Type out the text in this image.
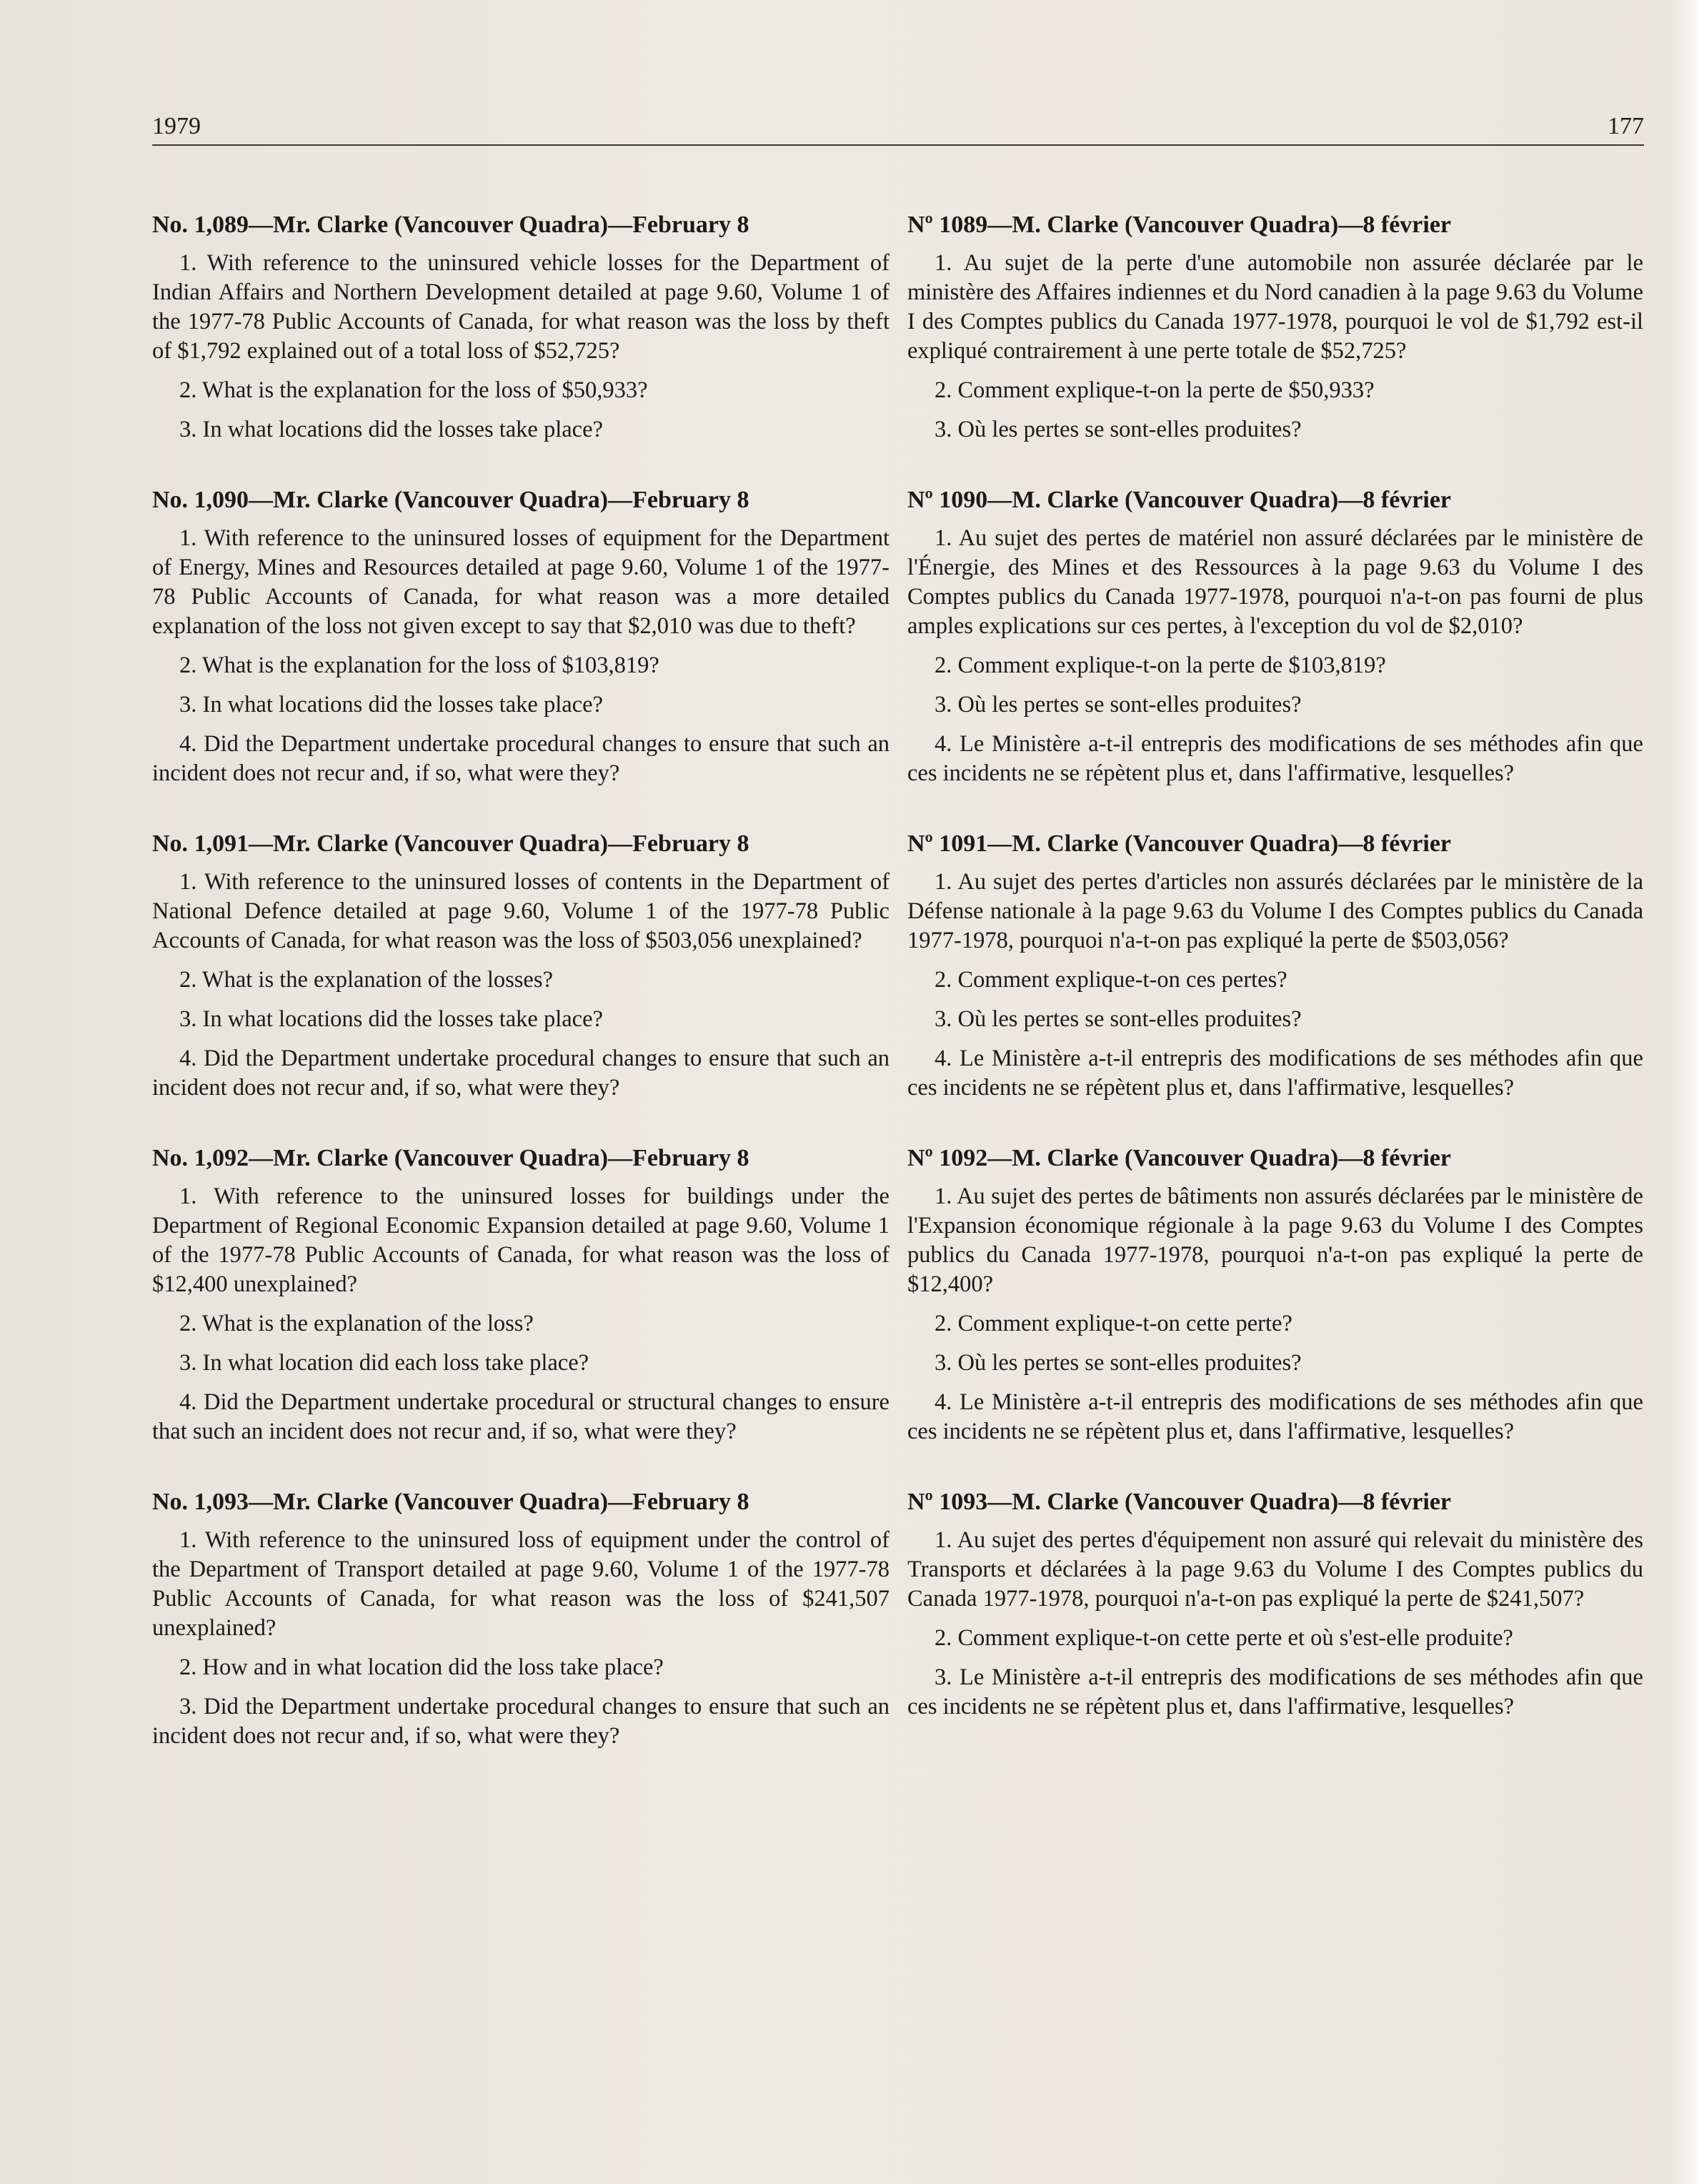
1979	177
No. 1,089—Mr. Clarke (Vancouver Quadra)—February 8

1. With reference to the uninsured vehicle losses for the Department of Indian Affairs and Northern Development detailed at page 9.60, Volume 1 of the 1977-78 Public Accounts of Canada, for what reason was the loss by theft of $1,792 explained out of a total loss of $52,725?

2. What is the explanation for the loss of $50,933?

3. In what locations did the losses take place?

No. 1,090—Mr. Clarke (Vancouver Quadra)—February 8

1. With reference to the uninsured losses of equipment for the Department of Energy, Mines and Resources detailed at page 9.60, Volume 1 of the 1977-78 Public Accounts of Canada, for what reason was a more detailed explanation of the loss not given except to say that $2,010 was due to theft?

2. What is the explanation for the loss of $103,819?

3. In what locations did the losses take place?

4. Did the Department undertake procedural changes to ensure that such an incident does not recur and, if so, what were they?

No. 1,091—Mr. Clarke (Vancouver Quadra)—February 8

1. With reference to the uninsured losses of contents in the Department of National Defence detailed at page 9.60, Volume 1 of the 1977-78 Public Accounts of Canada, for what reason was the loss of $503,056 unexplained?

2. What is the explanation of the losses?

3. In what locations did the losses take place?

4. Did the Department undertake procedural changes to ensure that such an incident does not recur and, if so, what were they?

No. 1,092—Mr. Clarke (Vancouver Quadra)—February 8

1. With reference to the uninsured losses for buildings under the Department of Regional Economic Expansion detailed at page 9.60, Volume 1 of the 1977-78 Public Accounts of Canada, for what reason was the loss of $12,400 unexplained?

2. What is the explanation of the loss?

3. In what location did each loss take place?

4. Did the Department undertake procedural or structural changes to ensure that such an incident does not recur and, if so, what were they?

No. 1,093—Mr. Clarke (Vancouver Quadra)—February 8

1. With reference to the uninsured loss of equipment under the control of the Department of Transport detailed at page 9.60, Volume 1 of the 1977-78 Public Accounts of Canada, for what reason was the loss of $241,507 unexplained?

2. How and in what location did the loss take place?

3. Did the Department undertake procedural changes to ensure that such an incident does not recur and, if so, what were they?

Nº 1089—M. Clarke (Vancouver Quadra)—8 février

1. Au sujet de la perte d'une automobile non assurée déclarée par le ministère des Affaires indiennes et du Nord canadien à la page 9.63 du Volume I des Comptes publics du Canada 1977-1978, pourquoi le vol de $1,792 est-il expliqué contrairement à une perte totale de $52,725?

2. Comment explique-t-on la perte de $50,933?

3. Où les pertes se sont-elles produites?

Nº 1090—M. Clarke (Vancouver Quadra)—8 février

1. Au sujet des pertes de matériel non assuré déclarées par le ministère de l'Énergie, des Mines et des Ressources à la page 9.63 du Volume I des Comptes publics du Canada 1977-1978, pourquoi n'a-t-on pas fourni de plus amples explications sur ces pertes, à l'exception du vol de $2,010?

2. Comment explique-t-on la perte de $103,819?

3. Où les pertes se sont-elles produites?

4. Le Ministère a-t-il entrepris des modifications de ses méthodes afin que ces incidents ne se répètent plus et, dans l'affirmative, lesquelles?

Nº 1091—M. Clarke (Vancouver Quadra)—8 février

1. Au sujet des pertes d'articles non assurés déclarées par le ministère de la Défense nationale à la page 9.63 du Volume I des Comptes publics du Canada 1977-1978, pourquoi n'a-t-on pas expliqué la perte de $503,056?

2. Comment explique-t-on ces pertes?

3. Où les pertes se sont-elles produites?

4. Le Ministère a-t-il entrepris des modifications de ses méthodes afin que ces incidents ne se répètent plus et, dans l'affirmative, lesquelles?

Nº 1092—M. Clarke (Vancouver Quadra)—8 février

1. Au sujet des pertes de bâtiments non assurés déclarées par le ministère de l'Expansion économique régionale à la page 9.63 du Volume I des Comptes publics du Canada 1977-1978, pourquoi n'a-t-on pas expliqué la perte de $12,400?

2. Comment explique-t-on cette perte?

3. Où les pertes se sont-elles produites?

4. Le Ministère a-t-il entrepris des modifications de ses méthodes afin que ces incidents ne se répètent plus et, dans l'affirmative, lesquelles?

Nº 1093—M. Clarke (Vancouver Quadra)—8 février

1. Au sujet des pertes d'équipement non assuré qui relevait du ministère des Transports et déclarées à la page 9.63 du Volume I des Comptes publics du Canada 1977-1978, pourquoi n'a-t-on pas expliqué la perte de $241,507?

2. Comment explique-t-on cette perte et où s'est-elle produite?

3. Le Ministère a-t-il entrepris des modifications de ses méthodes afin que ces incidents ne se répètent plus et, dans l'affirmative, lesquelles?
